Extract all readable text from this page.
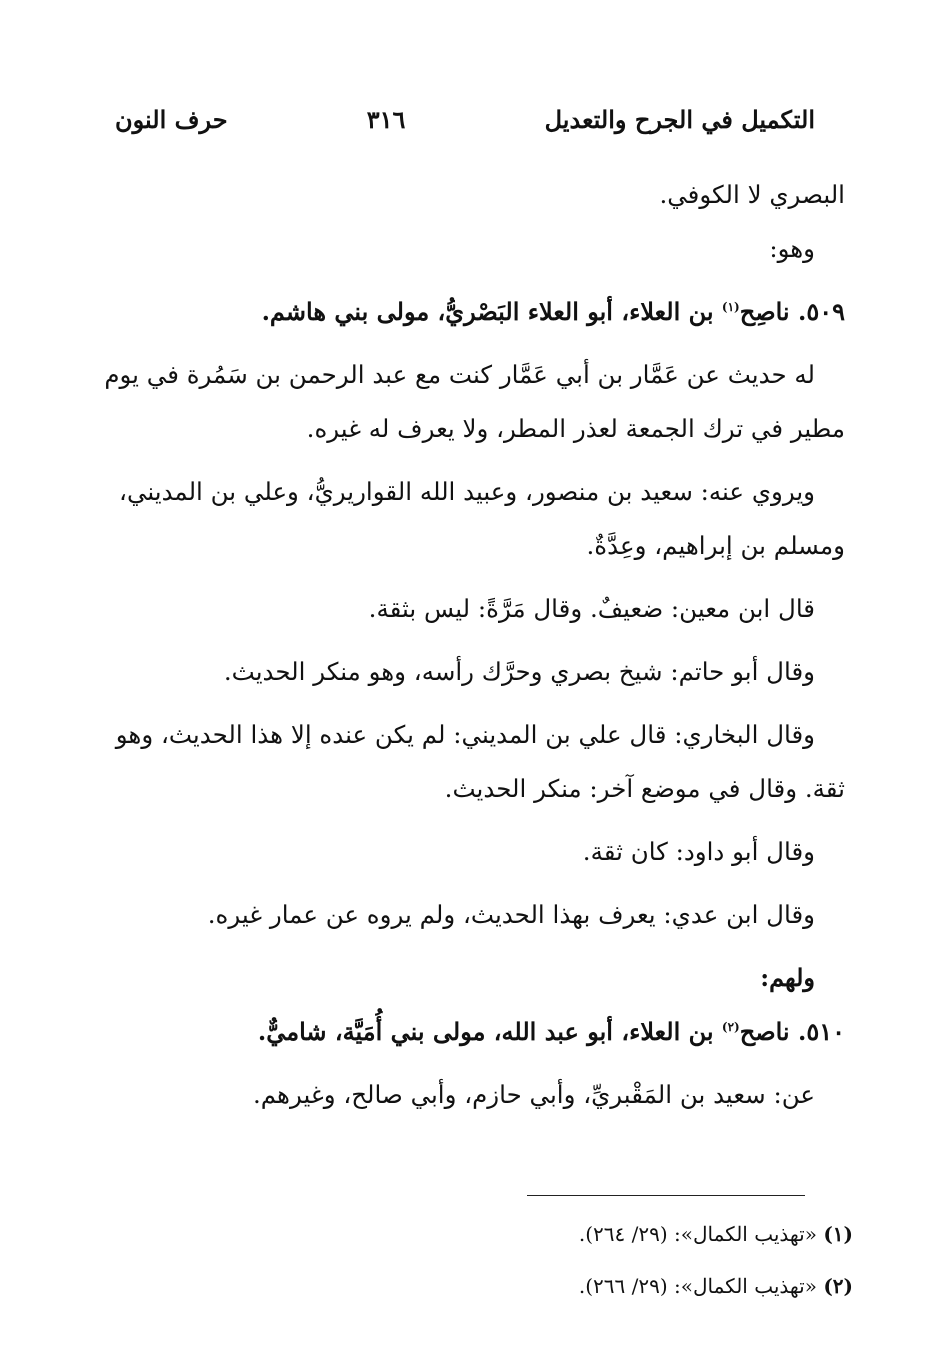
التكميل في الجرح والتعديل
٣١٦
حرف النون
البصري لا الكوفي.
وهو:
٥٠٩. ناصِح$^{(١)}$ بن العلاء، أبو العلاء البَصْريُّ، مولى بني هاشم.
له حديث عن عَمَّار بن أبي عَمَّار كنت مع عبد الرحمن بن سَمُرة في يوم
مطير في ترك الجمعة لعذر المطر، ولا يعرف له غيره.
ويروي عنه: سعيد بن منصور، وعبيد الله القواريريُّ، وعلي بن المديني،
ومسلم بن إبراهيم، وعِدَّةٌ.
قال ابن معين: ضعيفٌ. وقال مَرَّةً: ليس بثقة.
وقال أبو حاتم: شيخ بصري وحرَّك رأسه، وهو منكر الحديث.
وقال البخاري: قال علي بن المديني: لم يكن عنده إلا هذا الحديث، وهو
ثقة. وقال في موضع آخر: منكر الحديث.
وقال أبو داود: كان ثقة.
وقال ابن عدي: يعرف بهذا الحديث، ولم يروه عن عمار غيره.
ولهم:
٥١٠. ناصح$^{(٢)}$ بن العلاء، أبو عبد الله، مولى بني أُمَيَّة، شاميٌّ.
عن: سعيد بن المَقْبريِّ، وأبي حازم، وأبي صالح، وغيرهم.
(١) «تهذيب الكمال»: (٢٩/ ٢٦٤).
(٢) «تهذيب الكمال»: (٢٩/ ٢٦٦).
